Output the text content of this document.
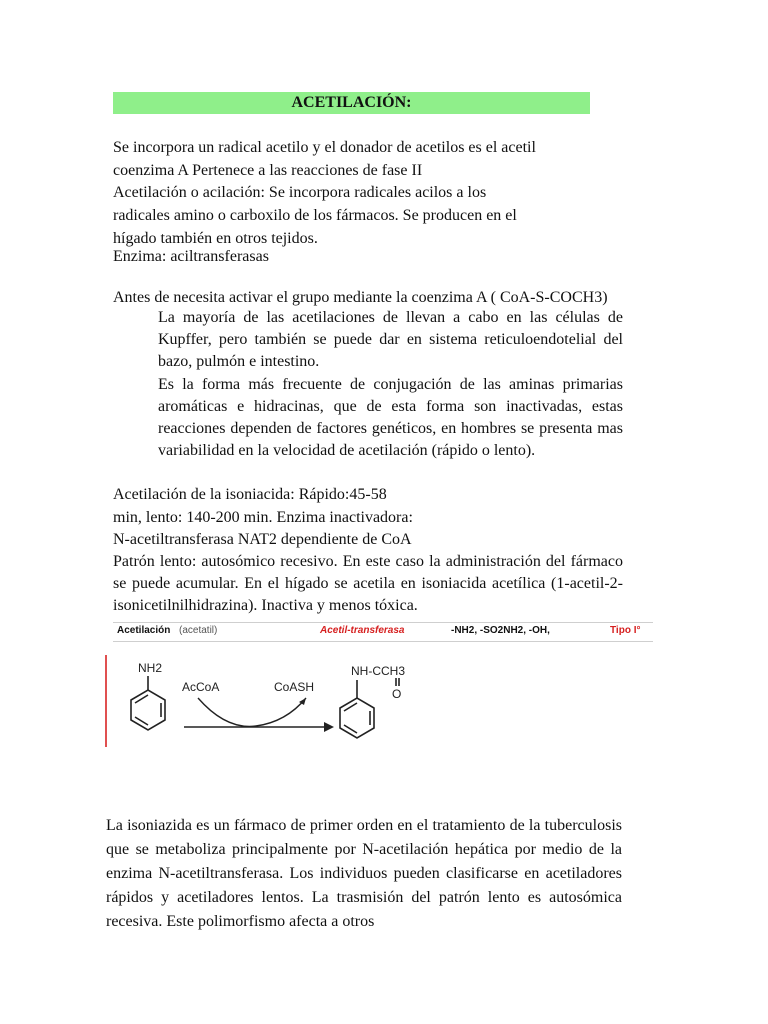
ACETILACIÓN:

Se incorpora un radical acetilo y el donador de acetilos es el acetil

coenzima A Pertenece a las reacciones de fase II

Acetilación o acilación: Se incorpora radicales acilos a los

radicales amino o carboxilo de los fármacos. Se producen en el

hígado también en otros tejidos.

Enzima: aciltransferasas

Antes de necesita activar el grupo mediante la coenzima A ( CoA-S-COCH3)

La mayoría de las acetilaciones de llevan a cabo en las células de Kupffer, pero también se puede dar en sistema reticuloendotelial del bazo, pulmón e intestino.

Es la forma más frecuente de conjugación de las aminas primarias aromáticas e hidracinas, que de esta forma son inactivadas, estas reacciones dependen de factores genéticos, en hombres se presenta mas variabilidad en la velocidad de acetilación (rápido o lento).

Acetilación de la isoniacida: Rápido:45-58

min, lento: 140-200 min. Enzima inactivadora:

N-acetiltransferasa NAT2 dependiente de CoA

Patrón lento: autosómico recesivo. En este caso la administración del fármaco se puede acumular. En el hígado se acetila en isoniacida acetílica (1-acetil-2-isonicetilnilhidrazina). Inactiva y menos tóxica.

Acetilación (acetatil)	Acetil-transferasa	-NH2, -SO2NH2, -OH,	Tipo I°
NH2
AcCoA	CoASH
NH-CCH3
O

La isoniazida es un fármaco de primer orden en el tratamiento de la tuberculosis que se metaboliza principalmente por N-acetilación hepática por medio de la enzima N-acetiltransferasa. Los individuos pueden clasificarse en acetiladores rápidos y acetiladores lentos. La trasmisión del patrón lento es autosómica recesiva. Este polimorfismo afecta a otros
